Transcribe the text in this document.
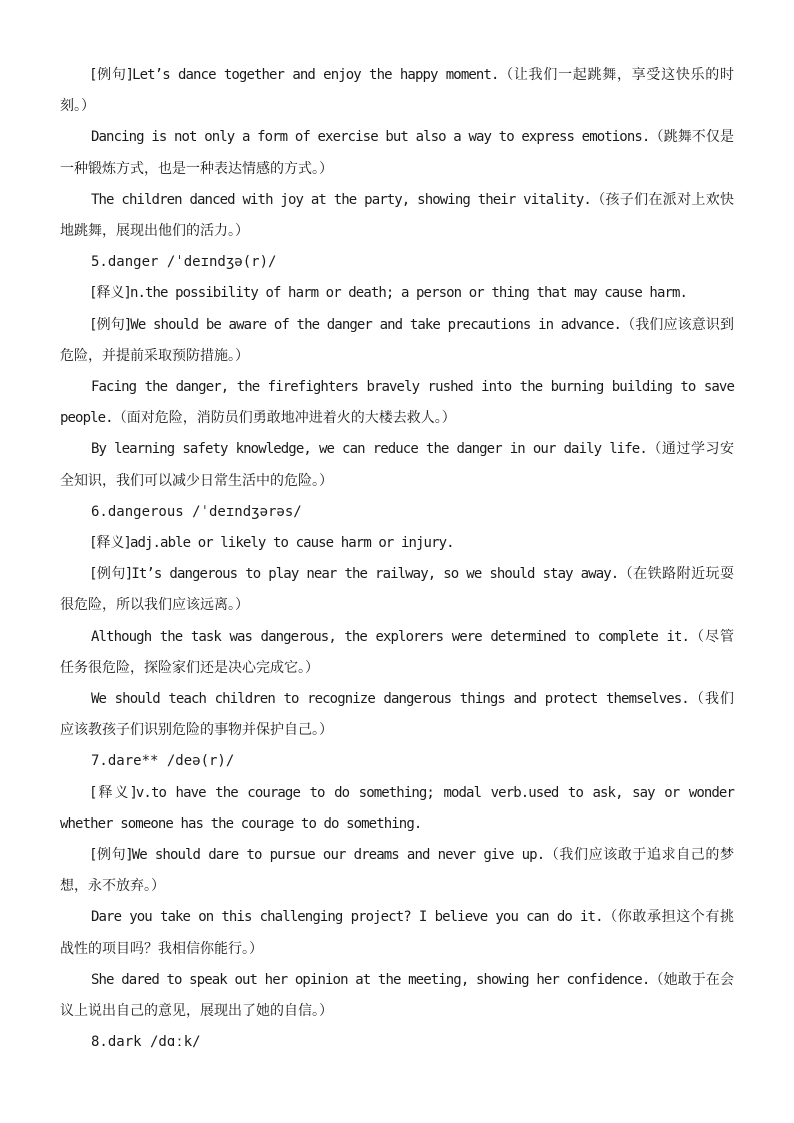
[例句]Let’s dance together and enjoy the happy moment.（让我们一起跳舞，享受这快乐的时刻。）

Dancing is not only a form of exercise but also a way to express emotions.（跳舞不仅是一种锻炼方式，也是一种表达情感的方式。）

The children danced with joy at the party, showing their vitality.（孩子们在派对上欢快地跳舞，展现出他们的活力。）

5.danger /ˈdeɪndʒə(r)/

[释义]n.the possibility of harm or death; a person or thing that may cause harm.

[例句]We should be aware of the danger and take precautions in advance.（我们应该意识到危险，并提前采取预防措施。）

Facing the danger, the firefighters bravely rushed into the burning building to save people.（面对危险，消防员们勇敢地冲进着火的大楼去救人。）

By learning safety knowledge, we can reduce the danger in our daily life.（通过学习安全知识，我们可以减少日常生活中的危险。）

6.dangerous /ˈdeɪndʒərəs/

[释义]adj.able or likely to cause harm or injury.

[例句]It’s dangerous to play near the railway, so we should stay away.（在铁路附近玩耍很危险，所以我们应该远离。）

Although the task was dangerous, the explorers were determined to complete it.（尽管任务很危险，探险家们还是决心完成它。）

We should teach children to recognize dangerous things and protect themselves.（我们应该教孩子们识别危险的事物并保护自己。）

7.dare** /deə(r)/

[释义]v.to have the courage to do something; modal verb.used to ask, say or wonder whether someone has the courage to do something.

[例句]We should dare to pursue our dreams and never give up.（我们应该敢于追求自己的梦想，永不放弃。）

Dare you take on this challenging project? I believe you can do it.（你敢承担这个有挑战性的项目吗？我相信你能行。）

She dared to speak out her opinion at the meeting, showing her confidence.（她敢于在会议上说出自己的意见，展现出了她的自信。）

8.dark /dɑːk/
